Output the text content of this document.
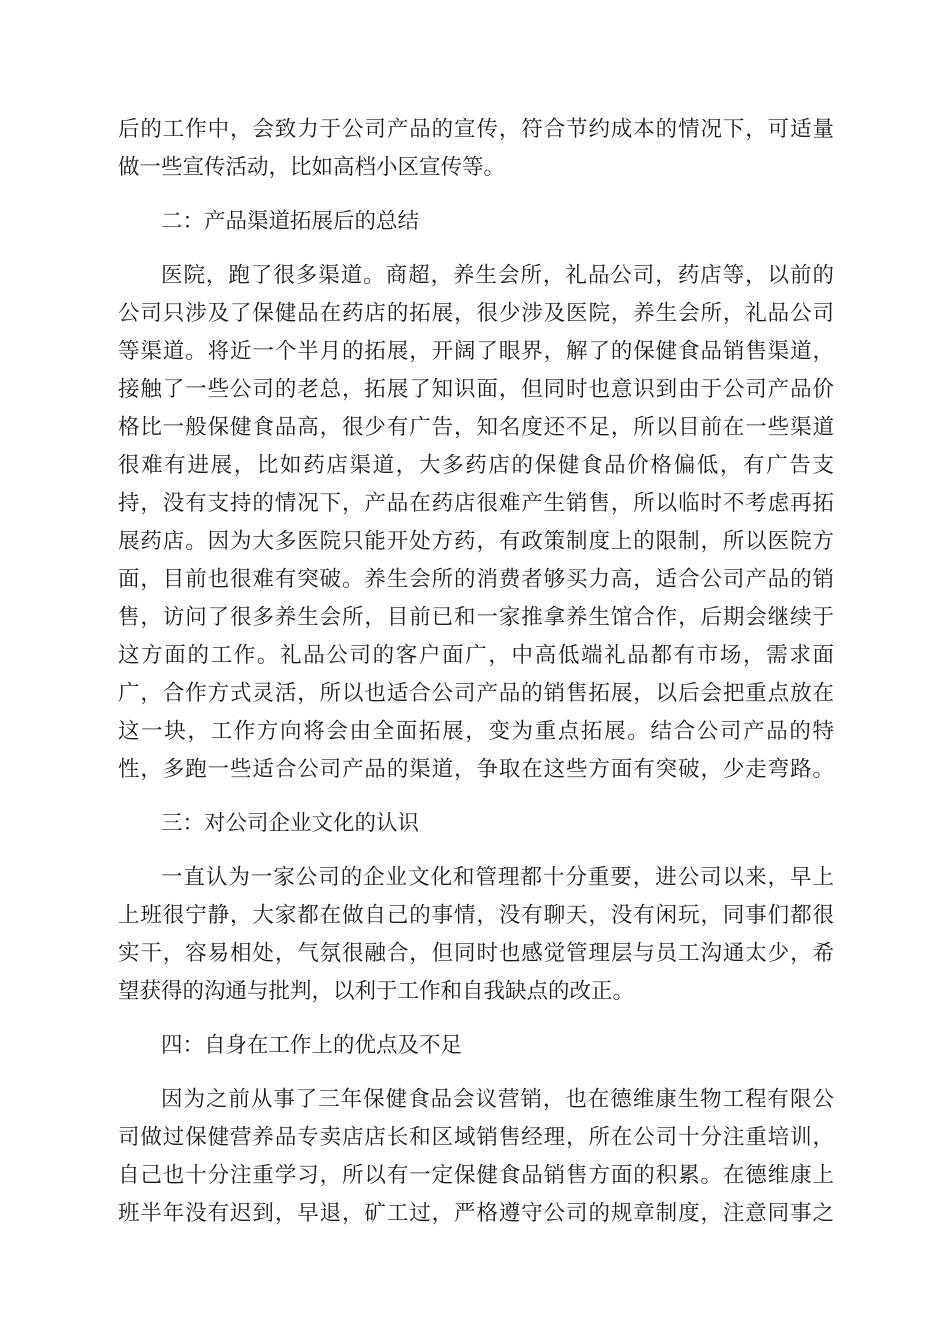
后的工作中，会致力于公司产品的宣传，符合节约成本的情况下，可适量
做一些宣传活动，比如高档小区宣传等。
二：产品渠道拓展后的总结
医院，跑了很多渠道。商超，养生会所，礼品公司，药店等，以前的
公司只涉及了保健品在药店的拓展，很少涉及医院，养生会所，礼品公司
等渠道。将近一个半月的拓展，开阔了眼界，解了的保健食品销售渠道，
接触了一些公司的老总，拓展了知识面，但同时也意识到由于公司产品价
格比一般保健食品高，很少有广告，知名度还不足，所以目前在一些渠道
很难有进展，比如药店渠道，大多药店的保健食品价格偏低，有广告支
持，没有支持的情况下，产品在药店很难产生销售，所以临时不考虑再拓
展药店。因为大多医院只能开处方药，有政策制度上的限制，所以医院方
面，目前也很难有突破。养生会所的消费者够买力高，适合公司产品的销
售，访问了很多养生会所，目前已和一家推拿养生馆合作，后期会继续于
这方面的工作。礼品公司的客户面广，中高低端礼品都有市场，需求面
广，合作方式灵活，所以也适合公司产品的销售拓展，以后会把重点放在
这一块，工作方向将会由全面拓展，变为重点拓展。结合公司产品的特
性，多跑一些适合公司产品的渠道，争取在这些方面有突破，少走弯路。
三：对公司企业文化的认识
一直认为一家公司的企业文化和管理都十分重要，进公司以来，早上
上班很宁静，大家都在做自己的事情，没有聊天，没有闲玩，同事们都很
实干，容易相处，气氛很融合，但同时也感觉管理层与员工沟通太少，希
望获得的沟通与批判，以利于工作和自我缺点的改正。
四：自身在工作上的优点及不足
因为之前从事了三年保健食品会议营销，也在德维康生物工程有限公
司做过保健营养品专卖店店长和区域销售经理，所在公司十分注重培训，
自己也十分注重学习，所以有一定保健食品销售方面的积累。在德维康上
班半年没有迟到，早退，矿工过，严格遵守公司的规章制度，注意同事之
